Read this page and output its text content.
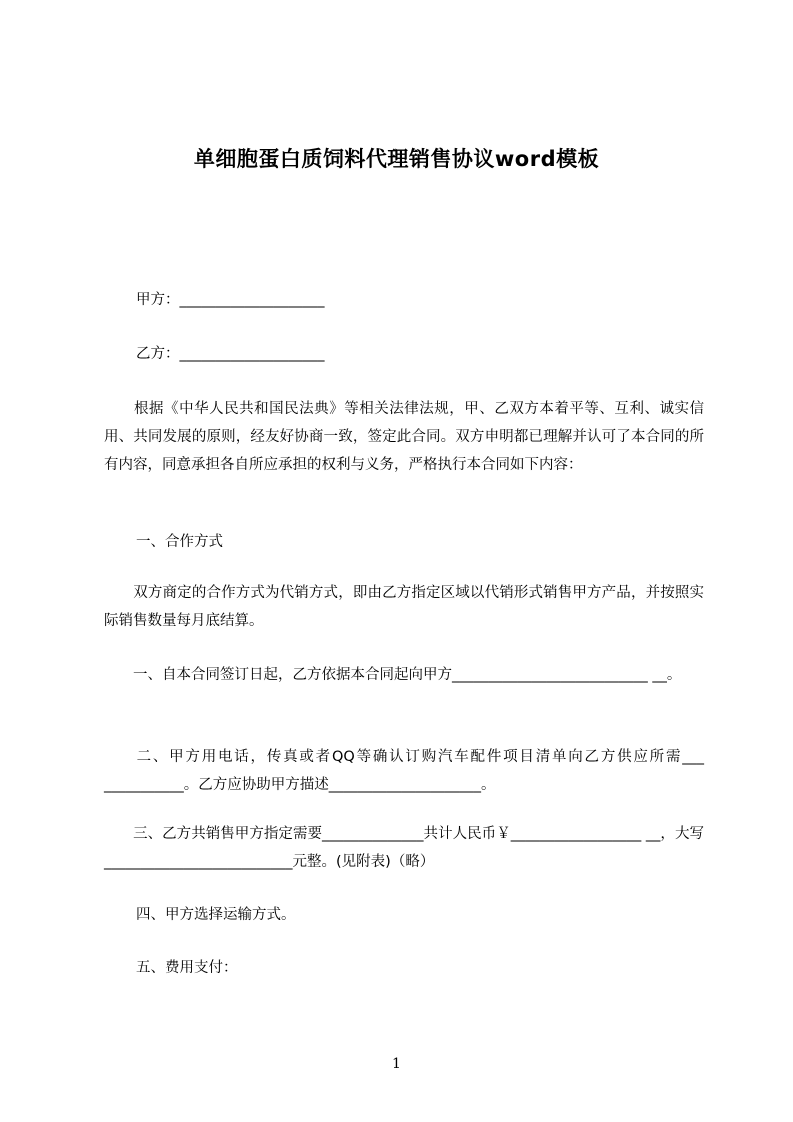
单细胞蛋白质饲料代理销售协议word模板
甲方：____________________
乙方：____________________
　　根据《中华人民共和国民法典》等相关法律法规，甲、乙双方本着平等、互利、诚实信用、共同发展的原则，经友好协商一致，签定此合同。双方申明都已理解并认可了本合同的所有内容，同意承担各自所应承担的权利与义务，严格执行本合同如下内容：
一、合作方式
　　双方商定的合作方式为代销方式，即由乙方指定区域以代销形式销售甲方产品，并按照实际销售数量每月底结算。
　　一、自本合同签订日起，乙方依据本合同起向甲方___________________________ __。
　　二、甲方用电话，传真或者QQ等确认订购汽车配件项目清单向乙方供应所需___ ___________。乙方应协助甲方描述_____________________。
　　三、乙方共销售甲方指定需要______________共计人民币￥__________________ __，大写__________________________元整。(见附表)（略）
四、甲方选择运输方式。
五、费用支付：
1
